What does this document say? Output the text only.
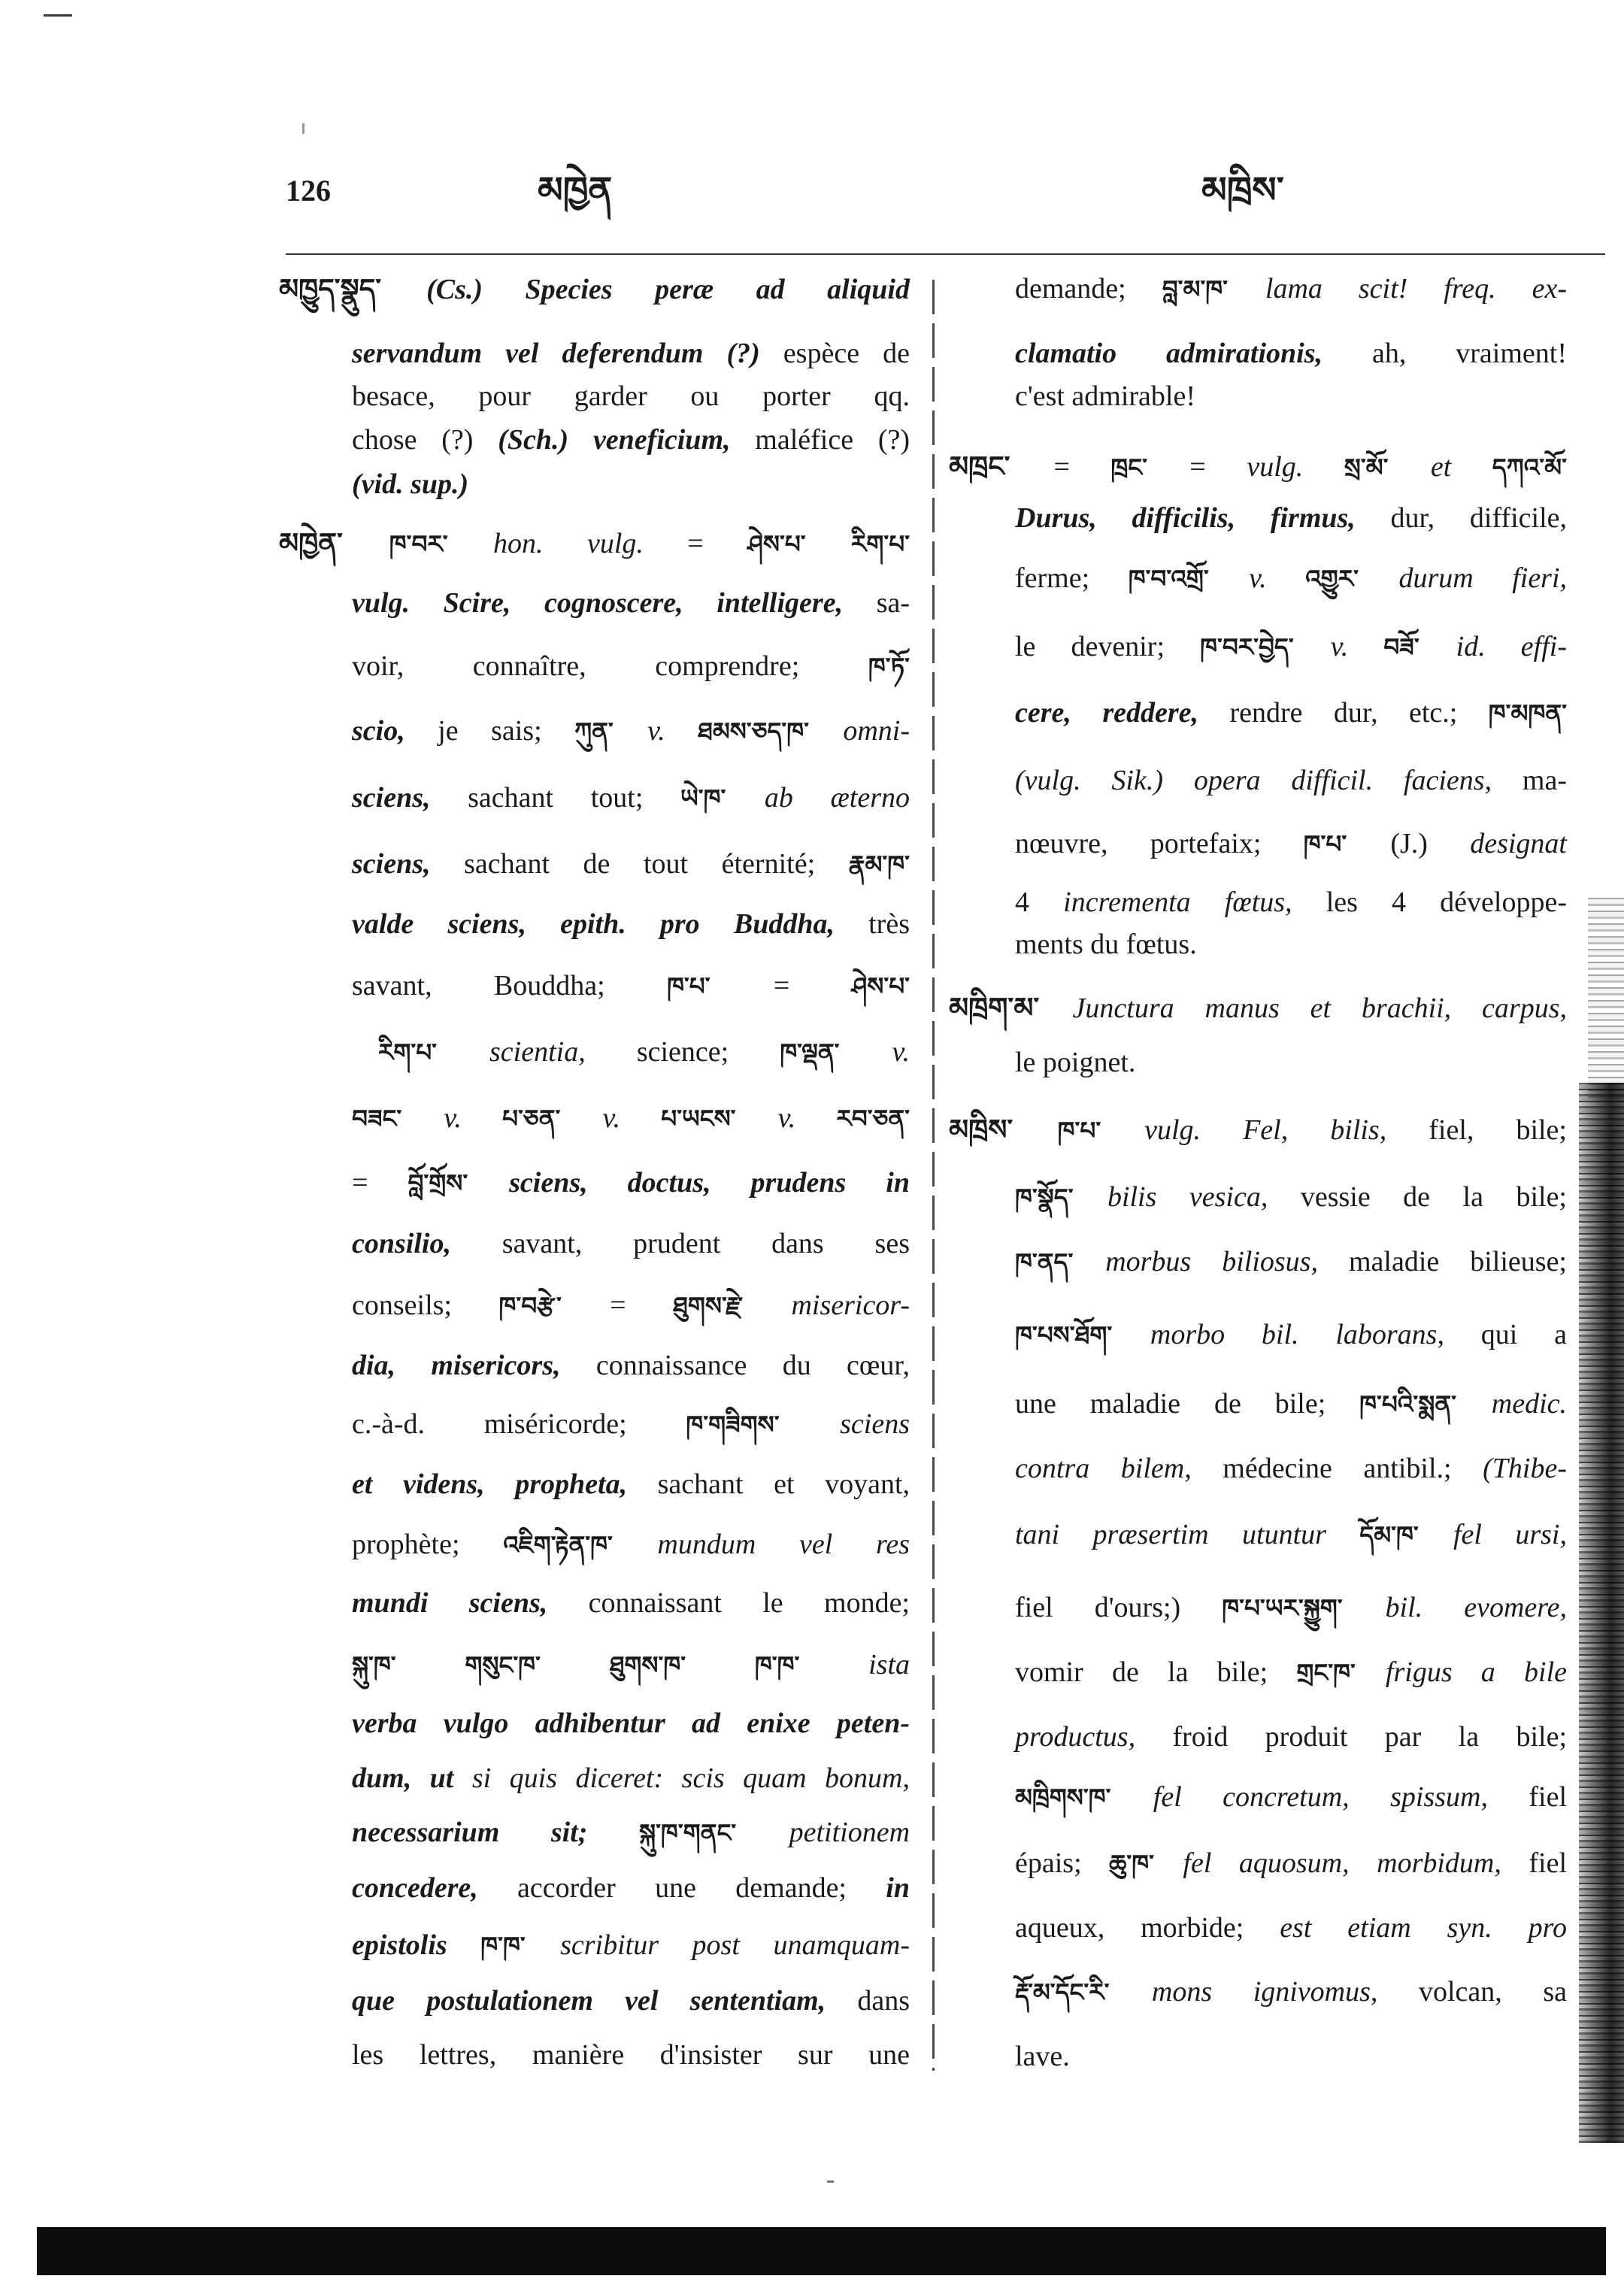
126	མཁྱེན	མཁྲིས་
མཁྱུད་སྣུད་ (Cs.) Species peræ ad aliquid
servandum vel deferendum (?) espèce de
besace, pour garder ou porter qq.
chose (?) (Sch.) veneficium, maléfice (?)
(vid. sup.)
མཁྱེན་ ཁ་བར་ hon. vulg. = ཤེས་པ་ རིག་པ་
vulg. Scire, cognoscere, intelligere, sa-
voir, connaître, comprendre; ཁ་ཏོ་
scio, je sais; ཀུན་ v. ཐམས་ཅད་ཁ་ omni-
sciens, sachant tout; ཡེ་ཁ་ ab æterno
sciens, sachant de tout éternité; རྣམ་ཁ་
valde sciens, epith. pro Buddha, très
savant, Bouddha; ཁ་པ་ = ཤེས་པ་
རིག་པ་ scientia, science; ཁ་ལྡན་ v.
བཟང་ v. པ་ཅན་ v. པ་ཡངས་ v. རབ་ཅན་
= བློ་གྲོས་ sciens, doctus, prudens in
consilio, savant, prudent dans ses
conseils; ཁ་བརྩེ་ = ཐུགས་རྗེ་ misericor-
dia, misericors, connaissance du cœur,
c.-à-d. miséricorde; ཁ་གཟིགས་ sciens
et videns, propheta, sachant et voyant,
prophète; འཇིག་རྟེན་ཁ་ mundum vel res
mundi sciens, connaissant le monde;
སྐུ་ཁ་ གསུང་ཁ་ ཐུགས་ཁ་ ཁ་ཁ་ ista
verba vulgo adhibentur ad enixe peten-
dum, ut si quis diceret: scis quam bonum,
necessarium sit; སྐུ་ཁ་གནང་ petitionem
concedere, accorder une demande; in
epistolis ཁ་ཁ་ scribitur post unamquam-
que postulationem vel sententiam, dans
les lettres, manière d'insister sur une
demande; བླ་མ་ཁ་ lama scit! freq. ex-
clamatio admirationis, ah, vraiment!
c'est admirable!
མཁྲང་ = ཁྲང་ = vulg. སྲ་མོ་ et དཀའ་མོ་
Durus, difficilis, firmus, dur, difficile,
ferme; ཁ་བ་འགྲོ་ v. འགྱུར་ durum fieri,
le devenir; ཁ་བར་བྱེད་ v. བཟོ་ id. effi-
cere, reddere, rendre dur, etc.; ཁ་མཁན་
(vulg. Sik.) opera difficil. faciens, ma-
nœuvre, portefaix; ཁ་པ་ (J.) designat
4 incrementa fœtus, les 4 développe-
ments du fœtus.
མཁྲིག་མ་ Junctura manus et brachii, carpus,
le poignet.
མཁྲིས་ ཁ་པ་ vulg. Fel, bilis, fiel, bile;
ཁ་སྣོད་ bilis vesica, vessie de la bile;
ཁ་ནད་ morbus biliosus, maladie bilieuse;
ཁ་པས་ཐོག་ morbo bil. laborans, qui a
une maladie de bile; ཁ་པའི་སྨན་ medic.
contra bilem, médecine antibil.; (Thibe-
tani præsertim utuntur དོམ་ཁ་ fel ursi,
fiel d'ours;) ཁ་པ་ཡར་སྐྱུག་ bil. evomere,
vomir de la bile; གྲང་ཁ་ frigus a bile
productus, froid produit par la bile;
མཁྲིགས་ཁ་ fel concretum, spissum, fiel
épais; ཆུ་ཁ་ fel aquosum, morbidum, fiel
aqueux, morbide; est etiam syn. pro
རྡོ་མ་དོང་རི་ mons ignivomus, volcan, sa
lave.
